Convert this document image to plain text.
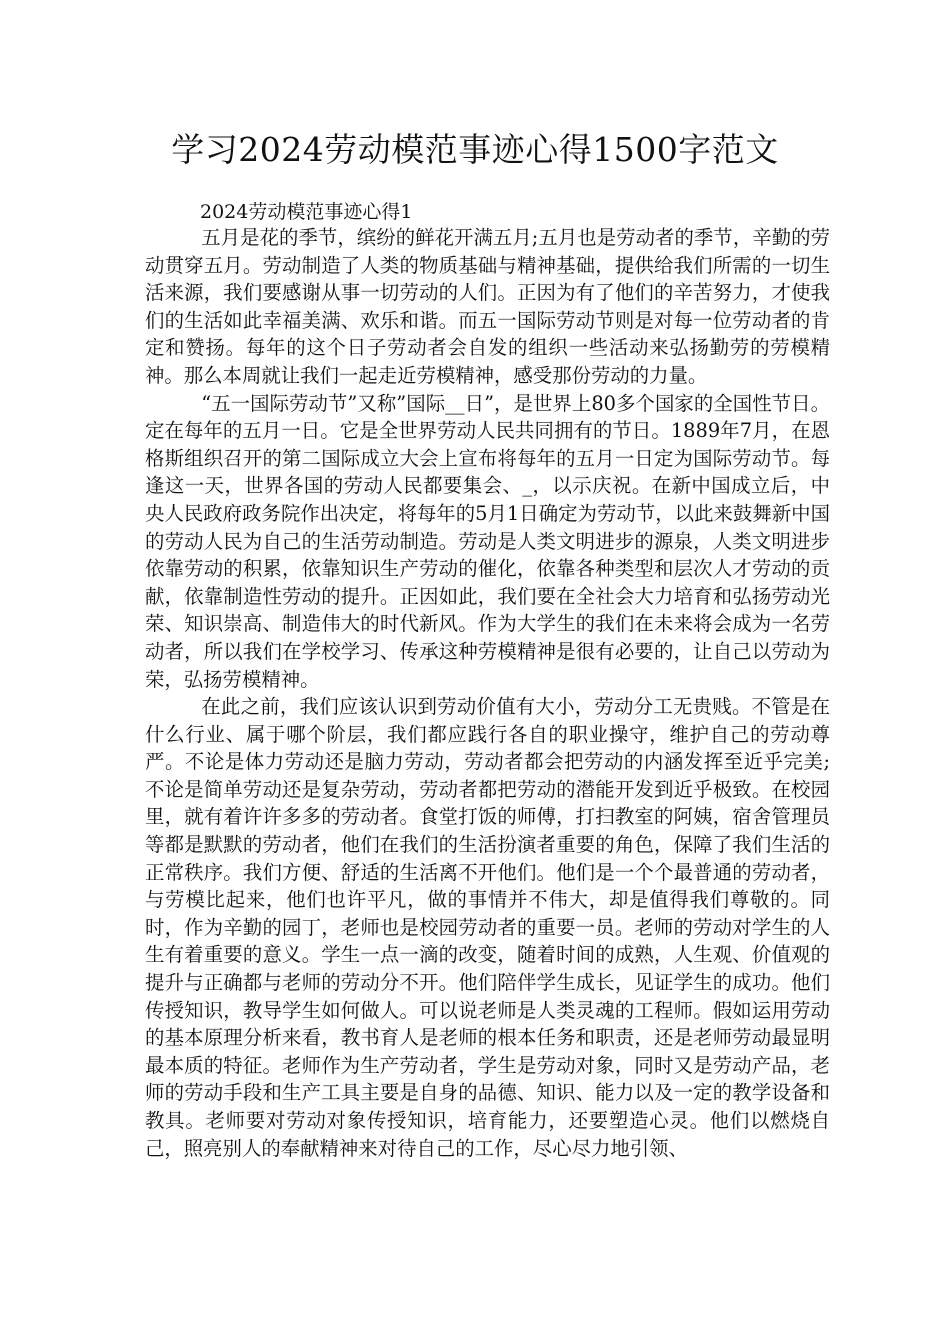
学习2024劳动模范事迹心得1500字范文

2024劳动模范事迹心得1

五月是花的季节，缤纷的鲜花开满五月;五月也是劳动者的季节，辛勤的劳动贯穿五月。劳动制造了人类的物质基础与精神基础，提供给我们所需的一切生活来源，我们要感谢从事一切劳动的人们。正因为有了他们的辛苦努力，才使我们的生活如此幸福美满、欢乐和谐。而五一国际劳动节则是对每一位劳动者的肯定和赞扬。每年的这个日子劳动者会自发的组织一些活动来弘扬勤劳的劳模精神。那么本周就让我们一起走近劳模精神，感受那份劳动的力量。

“五一国际劳动节”又称”国际__日”，是世界上80多个国家的全国性节日。定在每年的五月一日。它是全世界劳动人民共同拥有的节日。1889年7月，在恩格斯组织召开的第二国际成立大会上宣布将每年的五月一日定为国际劳动节。每逢这一天，世界各国的劳动人民都要集会、_，以示庆祝。在新中国成立后，中央人民政府政务院作出决定，将每年的5月1日确定为劳动节，以此来鼓舞新中国的劳动人民为自己的生活劳动制造。劳动是人类文明进步的源泉，人类文明进步依靠劳动的积累，依靠知识生产劳动的催化，依靠各种类型和层次人才劳动的贡献，依靠制造性劳动的提升。正因如此，我们要在全社会大力培育和弘扬劳动光荣、知识崇高、制造伟大的时代新风。作为大学生的我们在未来将会成为一名劳动者，所以我们在学校学习、传承这种劳模精神是很有必要的，让自己以劳动为荣，弘扬劳模精神。

在此之前，我们应该认识到劳动价值有大小，劳动分工无贵贱。不管是在什么行业、属于哪个阶层，我们都应践行各自的职业操守，维护自己的劳动尊严。不论是体力劳动还是脑力劳动，劳动者都会把劳动的内涵发挥至近乎完美;不论是简单劳动还是复杂劳动，劳动者都把劳动的潜能开发到近乎极致。在校园里，就有着许许多多的劳动者。食堂打饭的师傅，打扫教室的阿姨，宿舍管理员等都是默默的劳动者，他们在我们的生活扮演者重要的角色，保障了我们生活的正常秩序。我们方便、舒适的生活离不开他们。他们是一个个最普通的劳动者，与劳模比起来，他们也许平凡，做的事情并不伟大，却是值得我们尊敬的。同时，作为辛勤的园丁，老师也是校园劳动者的重要一员。老师的劳动对学生的人生有着重要的意义。学生一点一滴的改变，随着时间的成熟，人生观、价值观的提升与正确都与老师的劳动分不开。他们陪伴学生成长，见证学生的成功。他们传授知识，教导学生如何做人。可以说老师是人类灵魂的工程师。假如运用劳动的基本原理分析来看，教书育人是老师的根本任务和职责，还是老师劳动最显明最本质的特征。老师作为生产劳动者，学生是劳动对象，同时又是劳动产品，老师的劳动手段和生产工具主要是自身的品德、知识、能力以及一定的教学设备和教具。老师要对劳动对象传授知识，培育能力，还要塑造心灵。他们以燃烧自己，照亮别人的奉献精神来对待自己的工作，尽心尽力地引领、
